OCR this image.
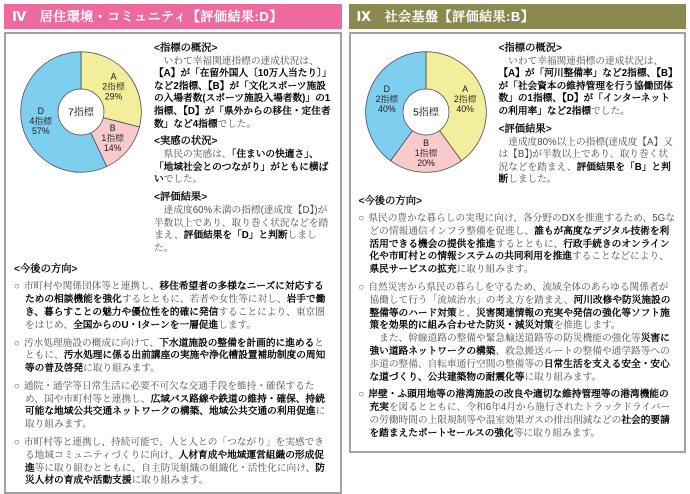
Ⅳ 居住環境・コミュニティ【評価結果:D】
A 2指標 29%
B 1指標 14%
D 4指標 57%
7指標
<指標の概況>

　いわて幸福関連指標の達成状況は、【A】が「在留外国人〔10万人当たり〕」など2指標、【B】が「文化スポーツ施設の入場者数(スポーツ施設入場者数)」の1指標、【D】が「県外からの移住・定住者数」など4指標でした。

<実感の状況>

　県民の実感は、「住まいの快適さ」、「地域社会とのつながり」がともに横ばいでした。

<評価結果>

　達成度60%未満の指標(達成度【D】)が半数以上であり、取り巻く状況などを踏まえ、評価結果を「D」と判断しました。

<今後の方向>

○ 市町村や関係団体等と連携し、移住希望者の多様なニーズに対応するための相談機能を強化するとともに、若者や女性等に対し、岩手で働き、暮らすことの魅力や優位性を的確に発信することにより、東京圏をはじめ、全国からのU・Iターンを一層促進します。

○ 汚水処理施設の概成に向けて、下水道施設の整備を計画的に進めるとともに、汚水処理に係る出前講座の実施や浄化槽設置補助制度の周知等の普及啓発に取り組みます。

○ 通院・通学等日常生活に必要不可欠な交通手段を維持・確保するため、国や市町村等と連携し、広域バス路線や鉄道の維持・確保、持続可能な地域公共交通ネットワークの構築、地域公共交通の利用促進に取り組みます。

○ 市町村等と連携し、持続可能で、人と人との「つながり」を実感できる地域コミュニティづくりに向け、人材育成や地域運営組織の形成促進等に取り組むとともに、自主防災組織の組織化・活性化に向け、防災人材の育成や活動支援に取り組みます。

Ⅸ 社会基盤【評価結果:B】
A 2指標 40%
B 1指標 20%
D 2指標 40% 5指標
<指標の概況>

　いわて幸福関連指標の達成状況は、【A】が「河川整備率」など2指標、【B】が「社会資本の維持管理を行う協働団体数」の1指標、【D】が「インターネットの利用率」など2指標でした。

<評価結果>

　達成度80%以上の指標(達成度【A】又は【B】)が半数以上であり、取り巻く状況などを踏まえ、評価結果を「B」と判断しました。

<今後の方向>

○ 県民の豊かな暮らしの実現に向け、各分野のDXを推進するため、5Gなどの情報通信インフラ整備を促進し、誰もが高度なデジタル技術を利活用できる機会の提供を推進するとともに、行政手続きのオンライン化や市町村との情報システムの共同利用を推進することなどにより、県民サービスの拡充に取り組みます。

○ 自然災害から県民の暮らしを守るため、流域全体のあらゆる関係者が協働して行う「流域治水」の考え方を踏まえ、河川改修や防災施設の整備等のハード対策と、災害関連情報の充実や発信の強化等ソフト施策を効果的に組み合わせた防災・減災対策を推進します。

　また、幹線道路の整備や緊急輸送道路等の防災機能の強化等災害に強い道路ネットワークの構築、救急搬送ルートの整備や通学路等への歩道の整備、自転車通行空間の整備等の日常生活を支える安全・安心な道づくり、公共建築物の耐震化等に取り組みます。

○ 岸壁・ふ頭用地等の港湾施設の改良や適切な維持管理等の港湾機能の充実を図るとともに、令和6年4月から施行されたトラックドライバーの労働時間の上限規制等や温室効果ガスの排出削減などの社会的要請を踏まえたポートセールスの強化等に取り組みます。
